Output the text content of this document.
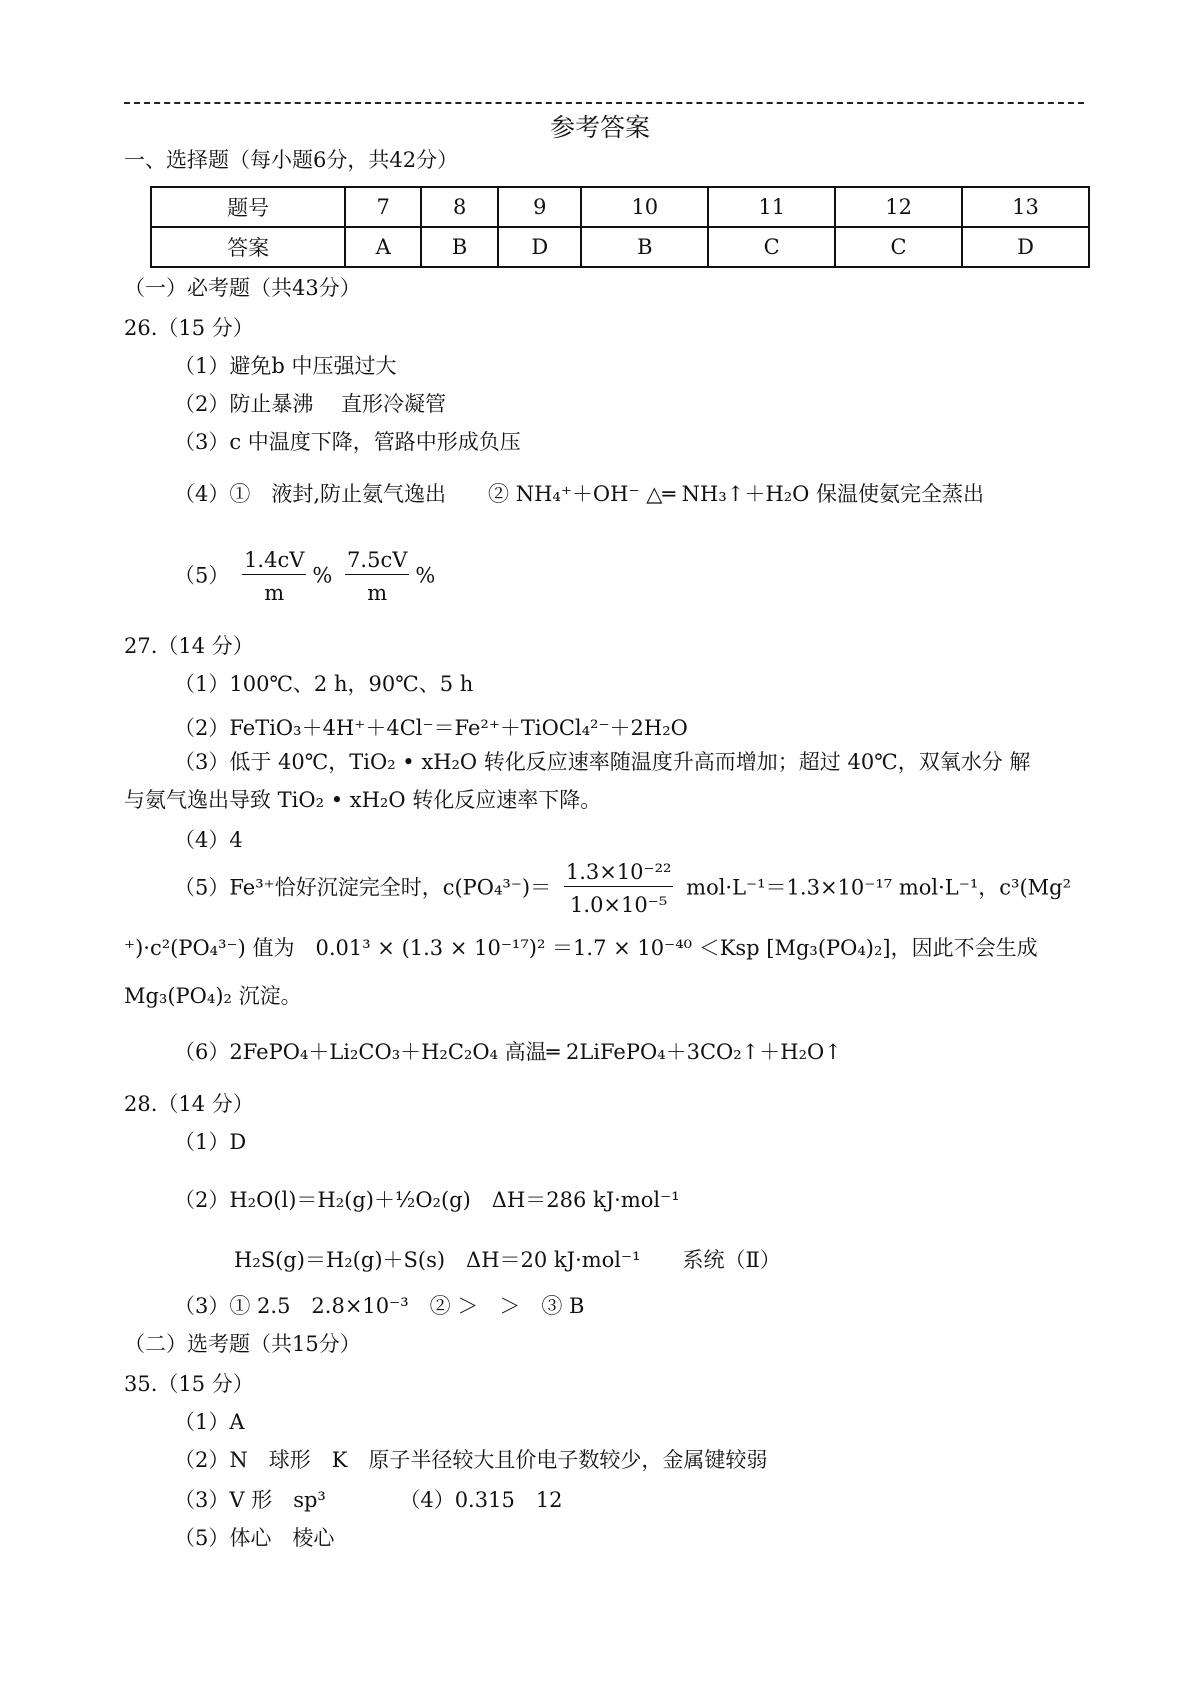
参考答案
一、选择题（每小题6分，共42分）
题号	7	8	9	10	11	12	13
答案	A	B	D	B	C	C	D
（一）必考题（共43分）
26.（15 分）
（1）避免b 中压强过大
（2）防止暴沸　 直形冷凝管
（3）c 中温度下降，管路中形成负压
（4）①　液封,防止氨气逸出　　② NH₄⁺＋OH⁻ △═ NH₃↑＋H₂O 保温使氨完全蒸出
$(5) \frac{1.4cV}{m}$ % $\frac{7.5cV}{m}$ %
27.（14 分）
（1）100℃、2 h，90℃、5 h
（2）FeTiO₃＋4H⁺＋4Cl⁻＝Fe²⁺＋TiOCl₄²⁻＋2H₂O
（3）低于 40℃，TiO₂ • xH₂O 转化反应速率随温度升高而增加；超过 40℃，双氧水分 解
与氨气逸出导致 TiO₂ • xH₂O 转化反应速率下降。
（4）4
（5）Fe³⁺恰好沉淀完全时，$c(PO_4^{3-})= \frac{\text{1.3×10⁻²²}}{\text{1.0×10⁻⁵}} mol\cdot L^{-1}=1.3\times 10^{-17}$ mol·L⁻¹，c³(Mg²
⁺)·c²(PO₄³⁻) 值为　0.01³ × (1.3 × 10⁻¹⁷)² ＝1.7 × 10⁻⁴⁰ ＜Ksp [Mg₃(PO₄)₂]，因此不会生成
Mg₃(PO₄)₂ 沉淀。
（6）2FePO₄＋Li₂CO₃＋H₂C₂O₄ 高温═ 2LiFePO₄＋3CO₂↑＋H₂O↑
28.（14 分）
（1）D
（2）H₂O(l)＝H₂(g)＋½O₂(g)　ΔH＝286 kJ·mol⁻¹
H₂S(g)＝H₂(g)＋S(s)　ΔH＝20 kJ·mol⁻¹　　系统（Ⅱ）
（3）① 2.5　2.8×10⁻³　② ＞　＞　③ B
（二）选考题（共15分）
35.（15 分）
（1）A
（2）N　球形　K　原子半径较大且价电子数较少，金属键较弱
（3）V 形　sp³　　　　（4）0.315　12
（5）体心　棱心
